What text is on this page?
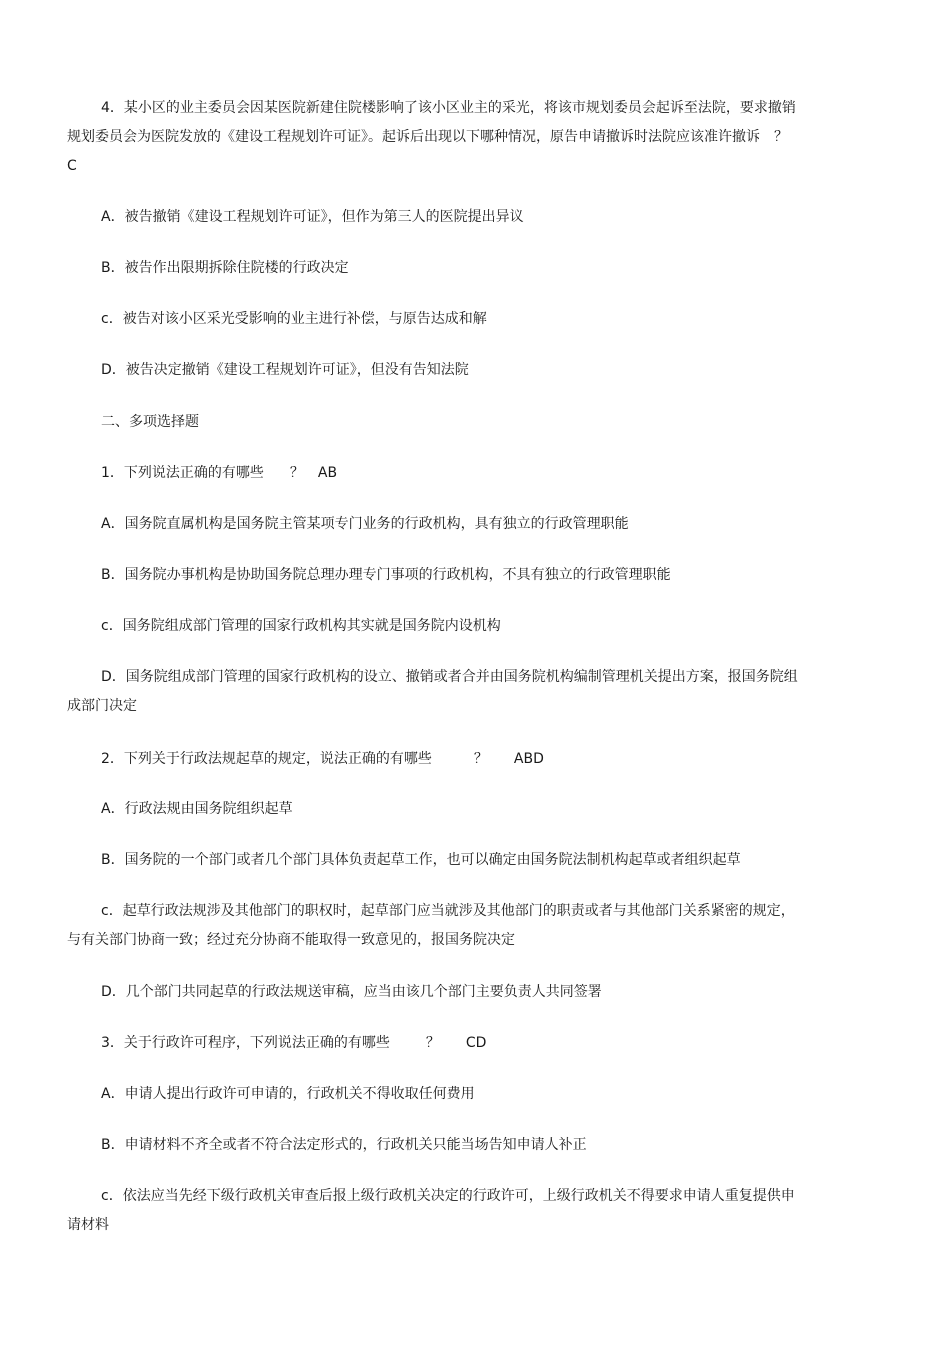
4．某小区的业主委员会因某医院新建住院楼影响了该小区业主的采光，将该市规划委员会起诉至法院，要求撤销规划委员会为医院发放的《建设工程规划许可证》。起诉后出现以下哪种情况，原告申请撤诉时法院应该准许撤诉 ？C

A．被告撤销《建设工程规划许可证》，但作为第三人的医院提出异议

B．被告作出限期拆除住院楼的行政决定

c．被告对该小区采光受影响的业主进行补偿，与原告达成和解

D．被告决定撤销《建设工程规划许可证》，但没有告知法院

二、多项选择题

1．下列说法正确的有哪些 ？ AB

A．国务院直属机构是国务院主管某项专门业务的行政机构，具有独立的行政管理职能

B．国务院办事机构是协助国务院总理办理专门事项的行政机构，不具有独立的行政管理职能

c．国务院组成部门管理的国家行政机构其实就是国务院内设机构

D．国务院组成部门管理的国家行政机构的设立、撤销或者合并由国务院机构编制管理机关提出方案，报国务院组成部门决定

2．下列关于行政法规起草的规定，说法正确的有哪些	？ ABD

A．行政法规由国务院组织起草

B．国务院的一个部门或者几个部门具体负责起草工作，也可以确定由国务院法制机构起草或者组织起草

c．起草行政法规涉及其他部门的职权时，起草部门应当就涉及其他部门的职责或者与其他部门关系紧密的规定，与有关部门协商一致；经过充分协商不能取得一致意见的，报国务院决定

D．几个部门共同起草的行政法规送审稿，应当由该几个部门主要负责人共同签署

3．关于行政许可程序，下列说法正确的有哪些	？ CD

A．申请人提出行政许可申请的，行政机关不得收取任何费用

B．申请材料不齐全或者不符合法定形式的，行政机关只能当场告知申请人补正

c．依法应当先经下级行政机关审查后报上级行政机关决定的行政许可，上级行政机关不得要求申请人重复提供申请材料
